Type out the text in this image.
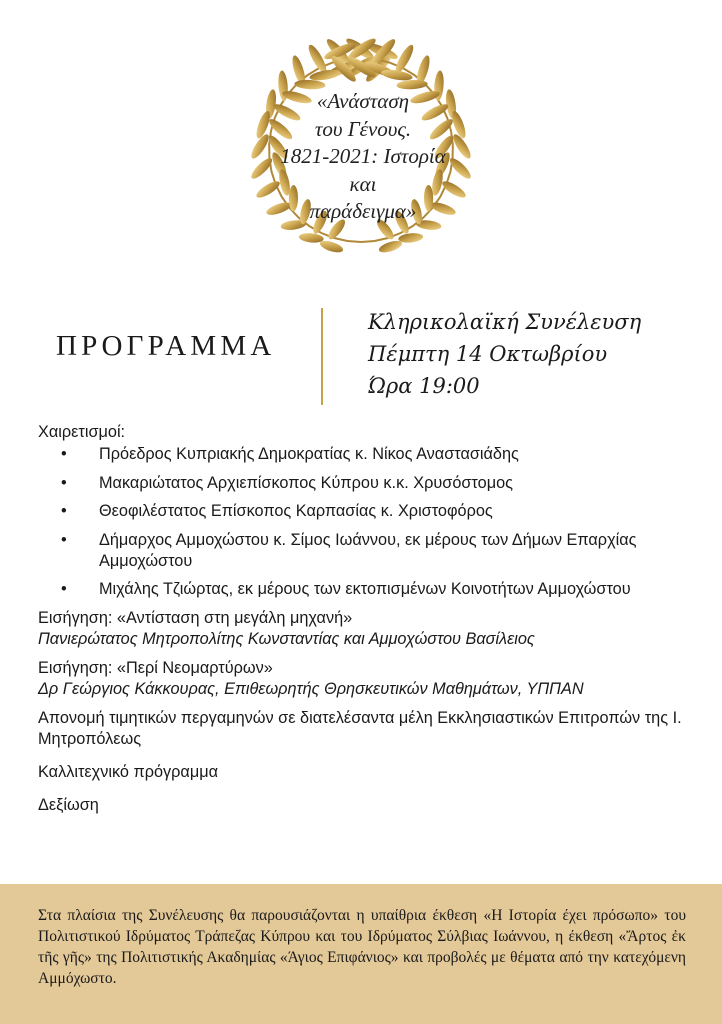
«Ανάσταση
του Γένους.
1821-2021: Ιστορία
και
παράδειγμα»
ΠΡΟΓΡΑΜΜΑ
Κληρικολαϊκή Συνέλευση
Πέμπτη 14 Οκτωβρίου
Ώρα 19:00
Χαιρετισμοί:
• Πρόεδρος Κυπριακής Δημοκρατίας κ. Νίκος Αναστασιάδης
• Μακαριώτατος Αρχιεπίσκοπος Κύπρου κ.κ. Χρυσόστομος
• Θεοφιλέστατος Επίσκοπος Καρπασίας κ. Χριστοφόρος
• Δήμαρχος Αμμοχώστου κ. Σίμος Ιωάννου, εκ μέρους των Δήμων Επαρχίας Αμμοχώστου
• Μιχάλης Τζιώρτας, εκ μέρους των εκτοπισμένων Κοινοτήτων Αμμοχώστου
Εισήγηση: «Αντίσταση στη μεγάλη μηχανή»
Πανιερώτατος Μητροπολίτης Κωνσταντίας και Αμμοχώστου Βασίλειος
Εισήγηση: «Περί Νεομαρτύρων»
Δρ Γεώργιος Κάκκουρας, Επιθεωρητής Θρησκευτικών Μαθημάτων, ΥΠΠΑΝ
Απονομή τιμητικών περγαμηνών σε διατελέσαντα μέλη Εκκλησιαστικών Επιτροπών της Ι. Μητροπόλεως
Καλλιτεχνικό πρόγραμμα
Δεξίωση
Στα πλαίσια της Συνέλευσης θα παρουσιάζονται η υπαίθρια έκθεση «Η Ιστορία έχει πρόσωπο» του Πολιτιστικού Ιδρύματος Τράπεζας Κύπρου και του Ιδρύματος Σύλβιας Ιωάννου, η έκθεση «Ἄρτος ἐκ τῆς γῆς» της Πολιτιστικής Ακαδημίας «Άγιος Επιφάνιος» και προβολές με θέματα από την κατεχόμενη Αμμόχωστο.
